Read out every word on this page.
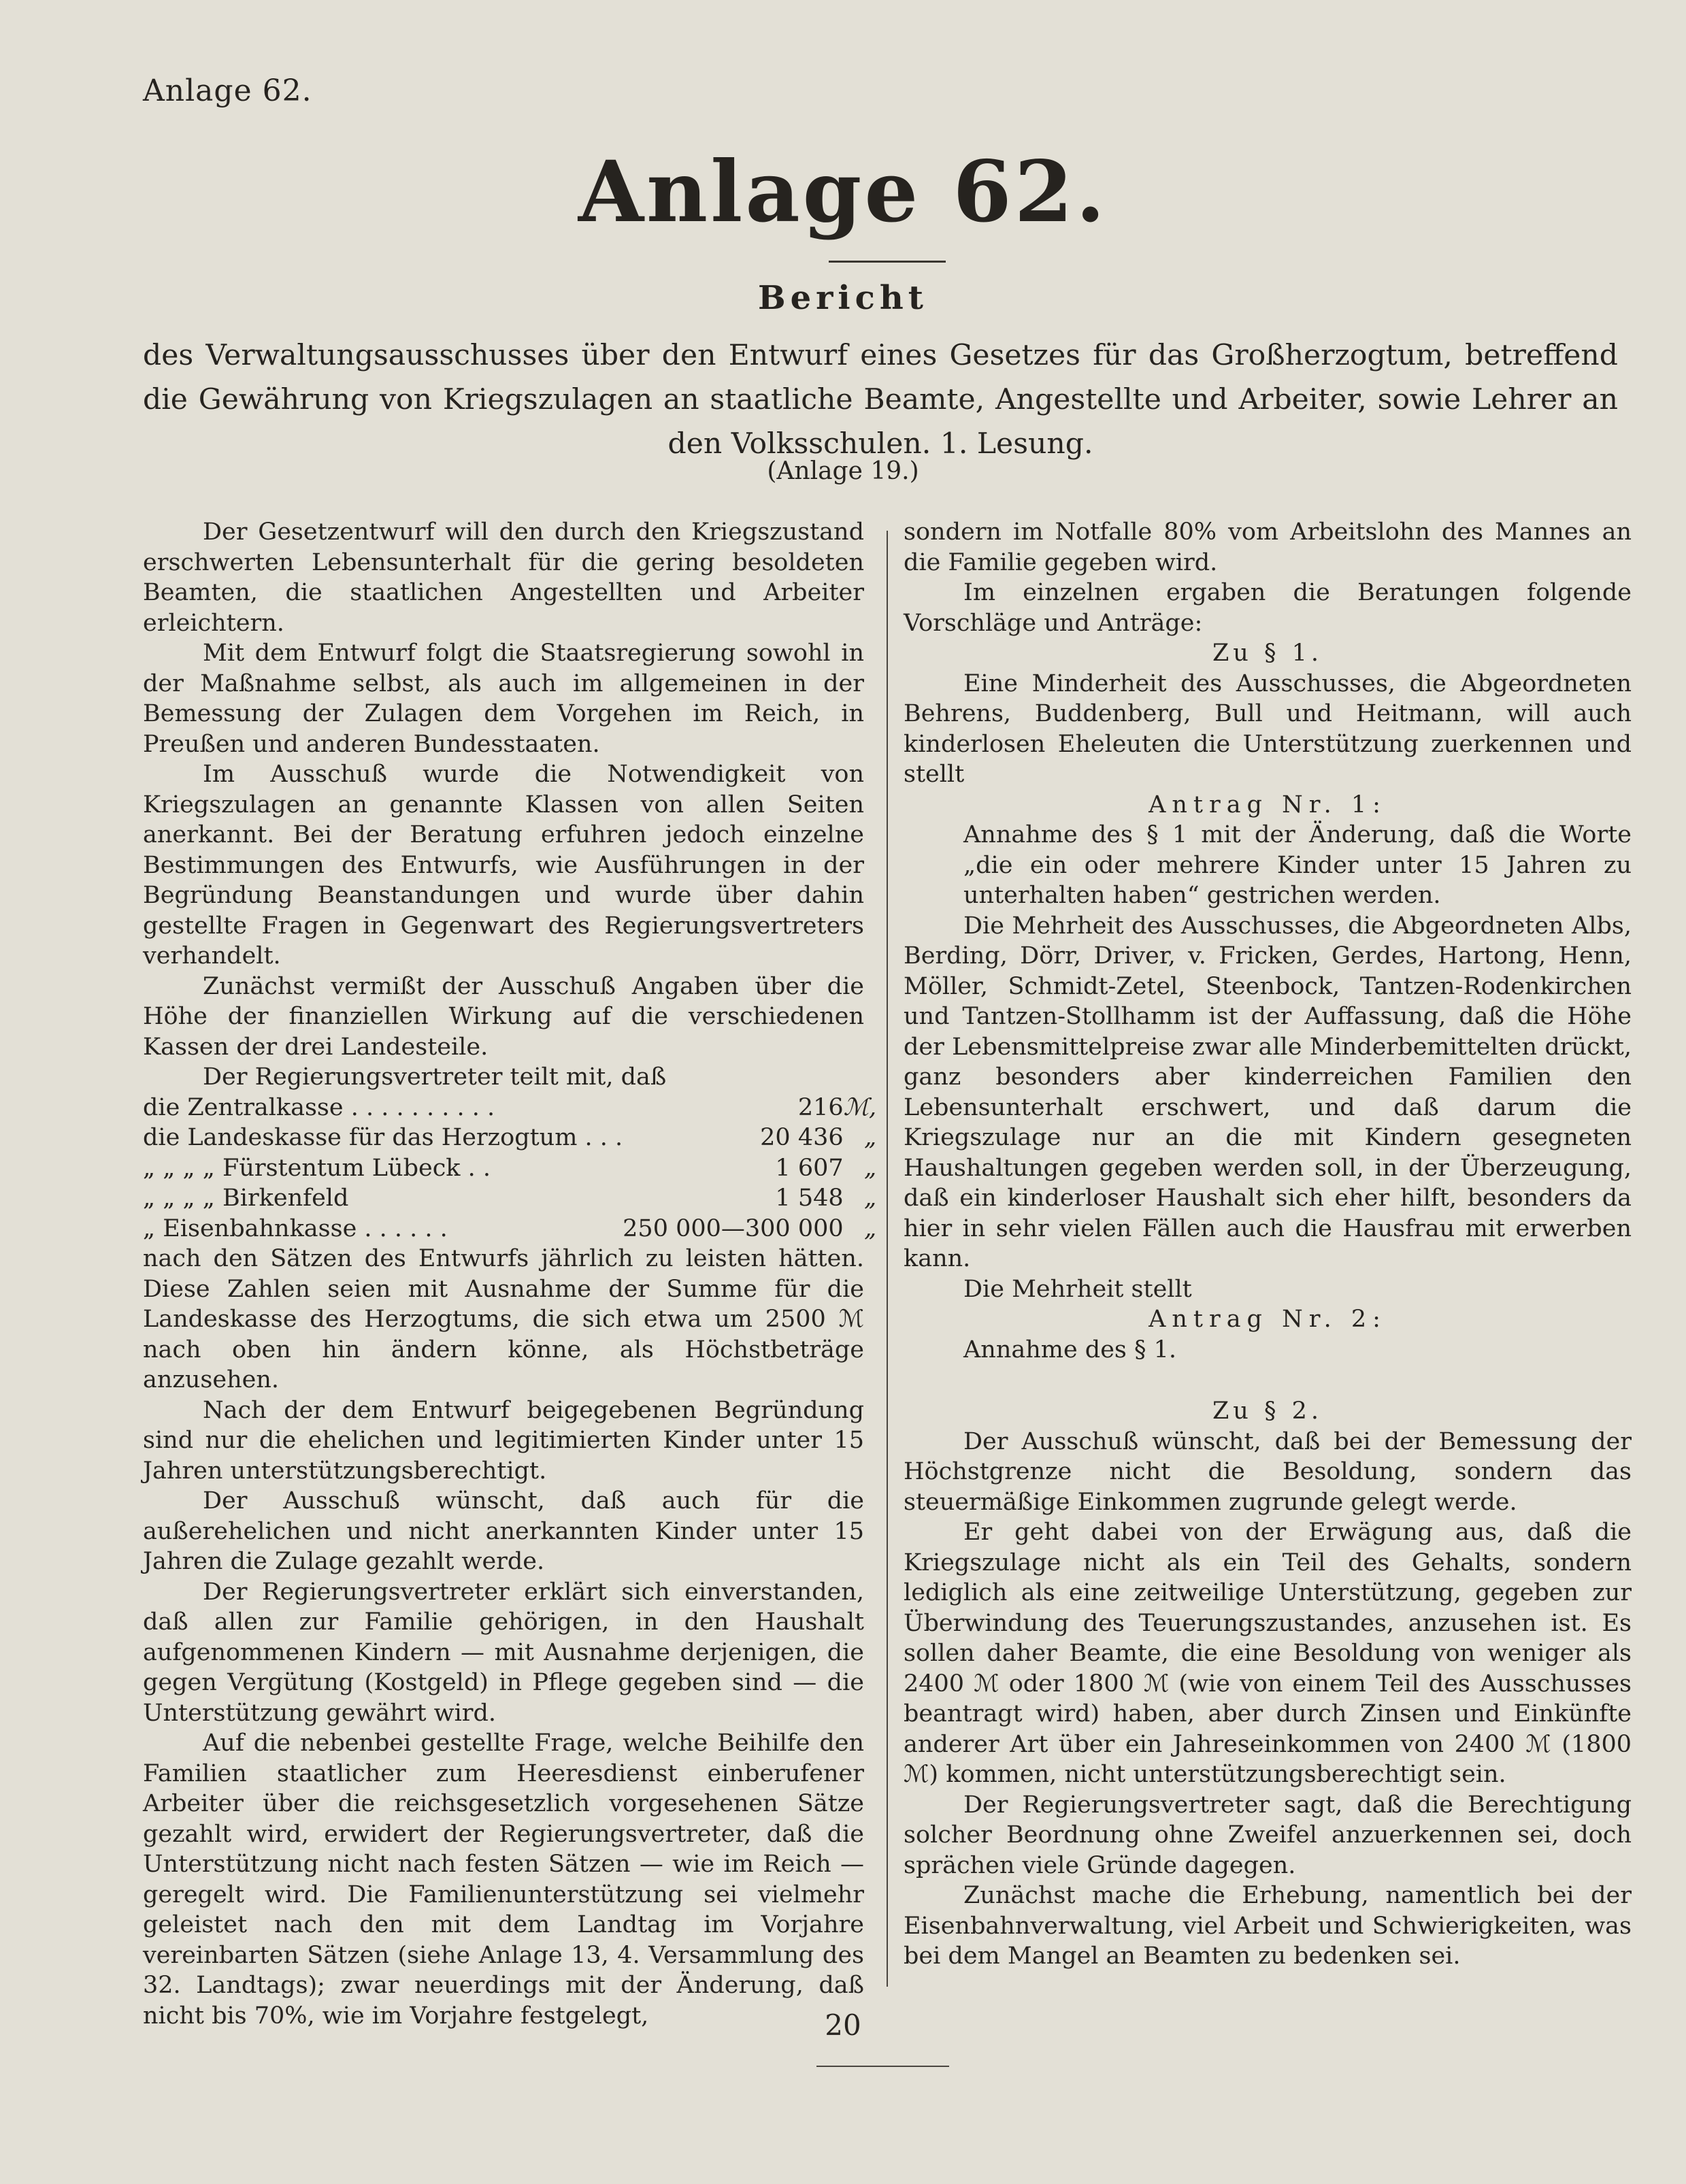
Anlage 62.
Anlage 62.
Bericht
des Verwaltungsausschusses über den Entwurf eines Gesetzes für das Großherzogtum, betreffend die Gewährung von Kriegszulagen an staatliche Beamte, Angestellte und Arbeiter, sowie Lehrer an den Volksschulen. 1. Lesung.
(Anlage 19.)

Der Gesetzentwurf will den durch den Kriegszustand erschwerten Lebensunterhalt für die gering besoldeten Beamten, die staatlichen Angestellten und Arbeiter erleichtern.

Mit dem Entwurf folgt die Staatsregierung sowohl in der Maßnahme selbst, als auch im allgemeinen in der Bemessung der Zulagen dem Vorgehen im Reich, in Preußen und anderen Bundesstaaten.

Im Ausschuß wurde die Notwendigkeit von Kriegszulagen an genannte Klassen von allen Seiten anerkannt. Bei der Beratung erfuhren jedoch einzelne Bestimmungen des Entwurfs, wie Ausführungen in der Begründung Beanstandungen und wurde über dahin gestellte Fragen in Gegenwart des Regierungsvertreters verhandelt.

Zunächst vermißt der Ausschuß Angaben über die Höhe der finanziellen Wirkung auf die verschiedenen Kassen der drei Landesteile.

Der Regierungsvertreter teilt mit, daß

die Zentralkasse . . . . . . . . . .	216	ℳ,
die Landeskasse für das Herzogtum . . .	20 436	„
„ „ „ „ Fürstentum Lübeck . .	1 607	„
„ „ „ „ Birkenfeld	1 548	„
„ Eisenbahnkasse . . . . . .	250 000—300 000	„

nach den Sätzen des Entwurfs jährlich zu leisten hätten. Diese Zahlen seien mit Ausnahme der Summe für die Landeskasse des Herzogtums, die sich etwa um 2500 ℳ nach oben hin ändern könne, als Höchstbeträge anzusehen.

Nach der dem Entwurf beigegebenen Begründung sind nur die ehelichen und legitimierten Kinder unter 15 Jahren unterstützungsberechtigt.

Der Ausschuß wünscht, daß auch für die außerehelichen und nicht anerkannten Kinder unter 15 Jahren die Zulage gezahlt werde.

Der Regierungsvertreter erklärt sich einverstanden, daß allen zur Familie gehörigen, in den Haushalt aufgenommenen Kindern — mit Ausnahme derjenigen, die gegen Vergütung (Kostgeld) in Pflege gegeben sind — die Unterstützung gewährt wird.

Auf die nebenbei gestellte Frage, welche Beihilfe den Familien staatlicher zum Heeresdienst einberufener Arbeiter über die reichsgesetzlich vorgesehenen Sätze gezahlt wird, erwidert der Regierungsvertreter, daß die Unterstützung nicht nach festen Sätzen — wie im Reich — geregelt wird. Die Familienunterstützung sei vielmehr geleistet nach den mit dem Landtag im Vorjahre vereinbarten Sätzen (siehe Anlage 13, 4. Versammlung des 32. Landtags); zwar neuerdings mit der Änderung, daß nicht bis 70%, wie im Vorjahre festgelegt,

sondern im Notfalle 80% vom Arbeitslohn des Mannes an die Familie gegeben wird.

Im einzelnen ergaben die Beratungen folgende Vorschläge und Anträge:

Zu § 1.

Eine Minderheit des Ausschusses, die Abgeordneten Behrens, Buddenberg, Bull und Heitmann, will auch kinderlosen Eheleuten die Unterstützung zuerkennen und stellt

Antrag Nr. 1:

Annahme des § 1 mit der Änderung, daß die Worte „die ein oder mehrere Kinder unter 15 Jahren zu unterhalten haben“ gestrichen werden.

Die Mehrheit des Ausschusses, die Abgeordneten Albs, Berding, Dörr, Driver, v. Fricken, Gerdes, Hartong, Henn, Möller, Schmidt-Zetel, Steenbock, Tantzen-Rodenkirchen und Tantzen-Stollhamm ist der Auffassung, daß die Höhe der Lebensmittelpreise zwar alle Minderbemittelten drückt, ganz besonders aber kinderreichen Familien den Lebensunterhalt erschwert, und daß darum die Kriegszulage nur an die mit Kindern gesegneten Haushaltungen gegeben werden soll, in der Überzeugung, daß ein kinderloser Haushalt sich eher hilft, besonders da hier in sehr vielen Fällen auch die Hausfrau mit erwerben kann.

Die Mehrheit stellt

Antrag Nr. 2:

Annahme des § 1.

Zu § 2.

Der Ausschuß wünscht, daß bei der Bemessung der Höchstgrenze nicht die Besoldung, sondern das steuermäßige Einkommen zugrunde gelegt werde.

Er geht dabei von der Erwägung aus, daß die Kriegszulage nicht als ein Teil des Gehalts, sondern lediglich als eine zeitweilige Unterstützung, gegeben zur Überwindung des Teuerungszustandes, anzusehen ist. Es sollen daher Beamte, die eine Besoldung von weniger als 2400 ℳ oder 1800 ℳ (wie von einem Teil des Ausschusses beantragt wird) haben, aber durch Zinsen und Einkünfte anderer Art über ein Jahreseinkommen von 2400 ℳ (1800 ℳ) kommen, nicht unterstützungsberechtigt sein.

Der Regierungsvertreter sagt, daß die Berechtigung solcher Beordnung ohne Zweifel anzuerkennen sei, doch sprächen viele Gründe dagegen.

Zunächst mache die Erhebung, namentlich bei der Eisenbahnverwaltung, viel Arbeit und Schwierigkeiten, was bei dem Mangel an Beamten zu bedenken sei.

20
